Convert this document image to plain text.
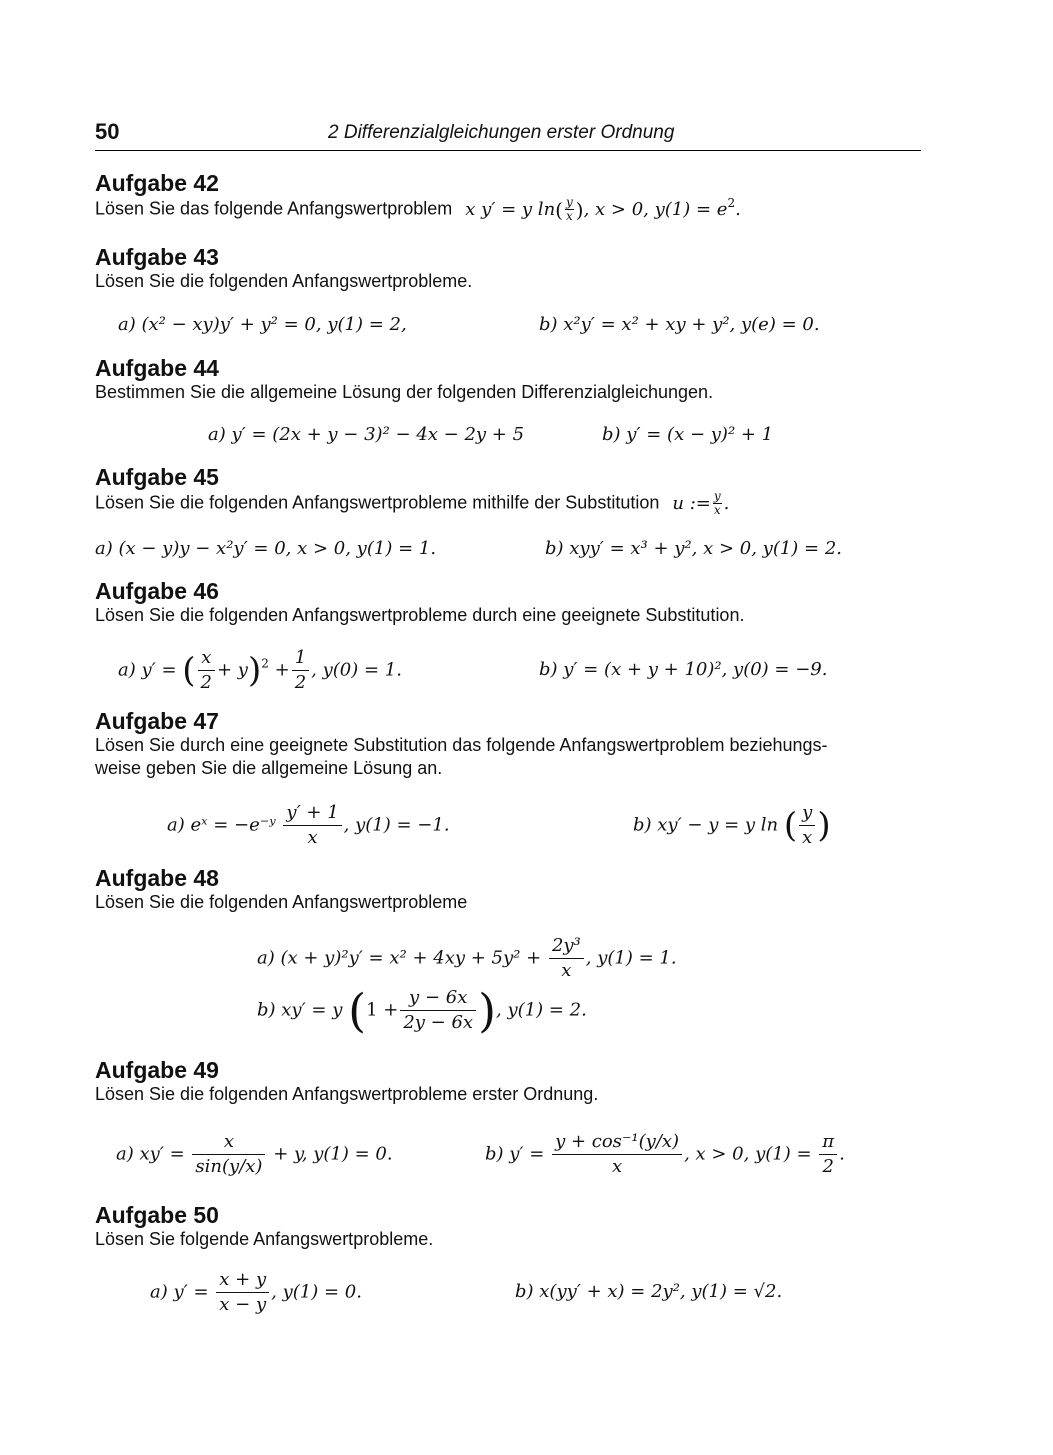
50	2 Differenzialgleichungen erster Ordnung
Aufgabe 42
Lösen Sie das folgende Anfangswertproblem x y′ = y $\ln( \frac{y}{x}$ ), x > 0, $y(1) = e^2$.
Aufgabe 43
Lösen Sie die folgenden Anfangswertprobleme.
a) (x² − xy)y′ + y² = 0, y(1) = 2,	b) x²y′ = x² + xy + y², y(e) = 0.
Aufgabe 44
Bestimmen Sie die allgemeine Lösung der folgenden Differenzialgleichungen.
a) y′ = (2x + y − 3)² − 4x − 2y + 5	b) y′ = (x − y)² + 1
Aufgabe 45
Lösen Sie die folgenden Anfangswertprobleme mithilfe der Substitution u := $\frac{y}{x}$ .
a) (x − y)y − x²y′ = 0, x > 0, y(1) = 1.	b) xyy′ = x³ + y², x > 0, y(1) = 2.
Aufgabe 46
Lösen Sie die folgenden Anfangswertprobleme durch eine geeignete Substitution.
a) y′ = ( $\frac{x}{2} + y)^2 + \frac{1}{2}$ , y(0) = 1.	b) y′ = (x + y + 10)², y(0) = −9.
Aufgabe 47
Lösen Sie durch eine geeignete Substitution das folgende Anfangswertproblem beziehungs-
weise geben Sie die allgemeine Lösung an.
a) eˣ = −e⁻ʸ $\frac{y' + 1}{x}$ , y(1) = −1.	b) xy′ − y = y ln ( $\frac{y}{x}$ )
Aufgabe 48
Lösen Sie die folgenden Anfangswertprobleme
a) $(x + y)^2y' = x^2 + 4xy + 5y^2 + \frac{\text{2y³}}{x}$ , y(1) = 1.
b) xy′ = y ($1 + \frac{y - 6x}{2y - 6x}$ ), y(1) = 2.
Aufgabe 49
Lösen Sie die folgenden Anfangswertprobleme erster Ordnung.
a) $xy' = \frac{x}{\sin(y/x)} + y$, y(1) = 0.	b) $y' = \frac{\text{y + cos⁻¹(y/x)}}{x}$ , x > 0, $y(1) = \frac{\pi}{2}$ .
Aufgabe 50
Lösen Sie folgende Anfangswertprobleme.
a) $y' = \frac{x + y}{x - y}$ , y(1) = 0.	b) x(yy′ + x) = 2y², y(1) = √2.
